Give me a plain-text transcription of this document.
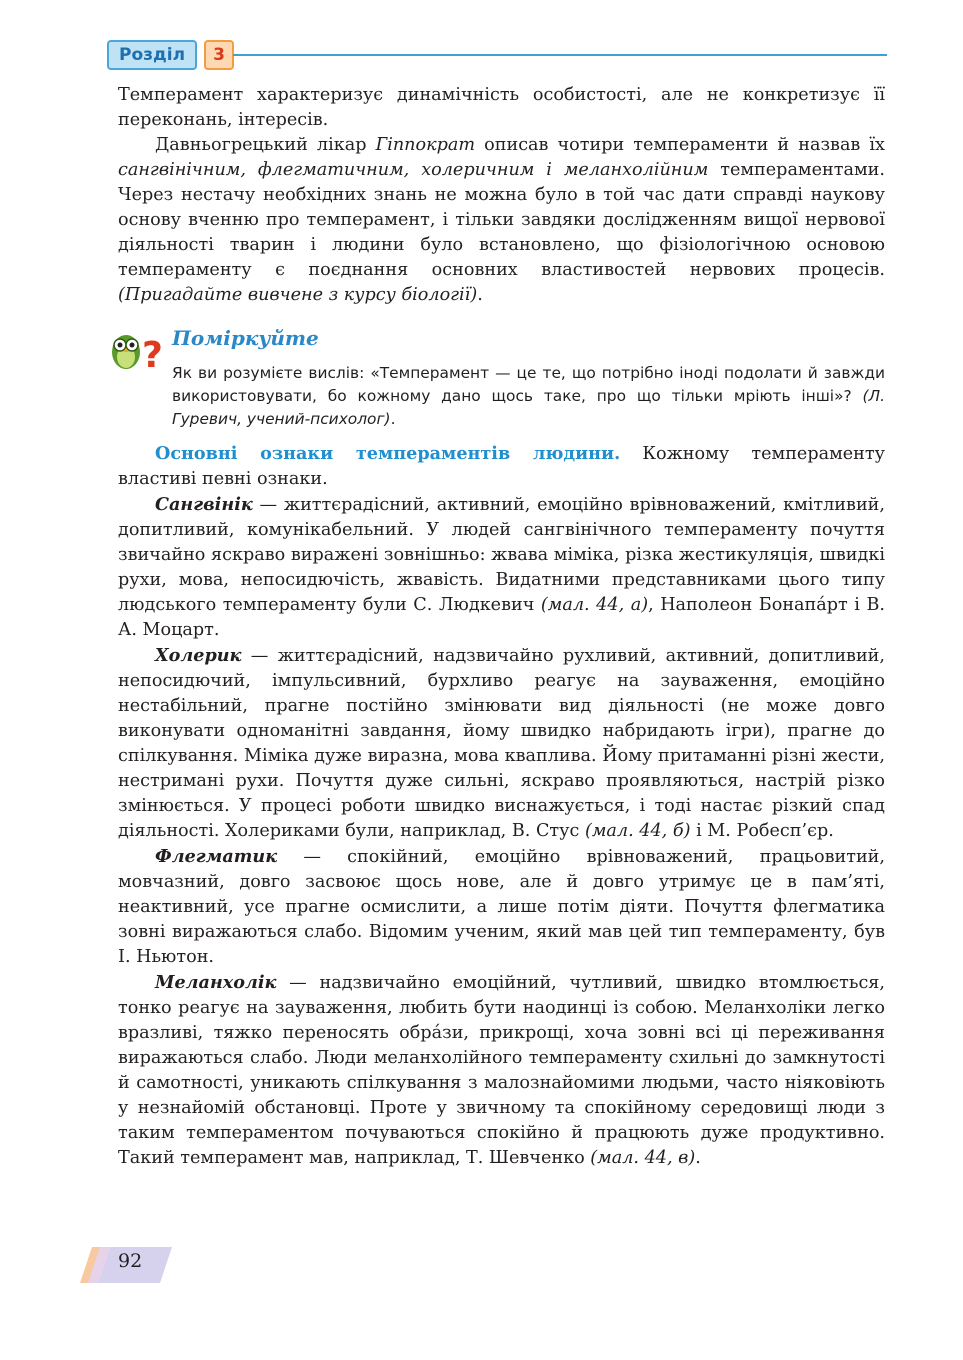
Розділ	3

Темперамент характеризує динамічність особистості, але не конкретизує її переконань, інтересів.

Давньогрецький лікар Гіппократ описав чотири темпераменти й назвав їх сангвінічним, флегматичним, холеричним і меланхолійним темпераментами. Через нестачу необхідних знань не можна було в той час дати справді наукову основу вченню про темперамент, і тільки завдяки дослідженням вищої нервової діяльності тварин і людини було встановлено, що фізіологічною основою темпераменту є поєднання основних властивостей нервових процесів. (Пригадайте вивчене з курсу біології).

? Поміркуйте
Як ви розумієте вислів: «Темперамент — це те, що потрібно іноді подолати й завжди використовувати, бо кожному дано щось таке, про що тільки мріють інші»? (Л. Гуревич, учений-психолог).

Основні ознаки темпераментів людини. Кожному темпераменту властиві певні ознаки.

Сангвінік — життєрадісний, активний, емоційно врівноважений, кмітливий, допитливий, комунікабельний. У людей сангвінічного темпераменту почуття звичайно яскраво виражені зовнішньо: жвава міміка, різка жестикуляція, швидкі рухи, мова, непосидючість, жвавість. Видатними представниками цього типу людського темпераменту були С. Людкевич (мал. 44, а), Наполеон Бонапа́рт і В. А. Моцарт.

Холерик — життєрадісний, надзвичайно рухливий, активний, допитливий, непосидючий, імпульсивний, бурхливо реагує на зауваження, емоційно нестабільний, прагне постійно змінювати вид діяльності (не може довго виконувати одноманітні завдання, йому швидко набридають ігри), прагне до спілкування. Міміка дуже виразна, мова кваплива. Йому притаманні різні жести, нестримані рухи. Почуття дуже сильні, яскраво проявляються, настрій різко змінюється. У процесі роботи швидко виснажується, і тоді настає різкий спад діяльності. Холериками були, наприклад, В. Стус (мал. 44, б) і М. Робесп’єр.

Флегматик — спокійний, емоційно врівноважений, працьовитий, мовчазний, довго засвоює щось нове, але й довго утримує це в пам’яті, неактивний, усе прагне осмислити, а лише потім діяти. Почуття флегматика зовні виражаються слабо. Відомим ученим, який мав цей тип темпераменту, був І. Ньютон.

Меланхолік — надзвичайно емоційний, чутливий, швидко втомлюється, тонко реагує на зауваження, любить бути наодинці із собою. Меланхоліки легко вразливі, тяжко переносять обра́зи, прикрощі, хоча зовні всі ці переживання виражаються слабо. Люди меланхолійного темпераменту схильні до замкнутості й самотності, уникають спілкування з малознайомими людьми, часто ніяковіють у незнайомій обстановці. Проте у звичному та спокійному середовищі люди з таким темпераментом почуваються спокійно й працюють дуже продуктивно. Такий темперамент мав, наприклад, Т. Шевченко (мал. 44, в).

92
